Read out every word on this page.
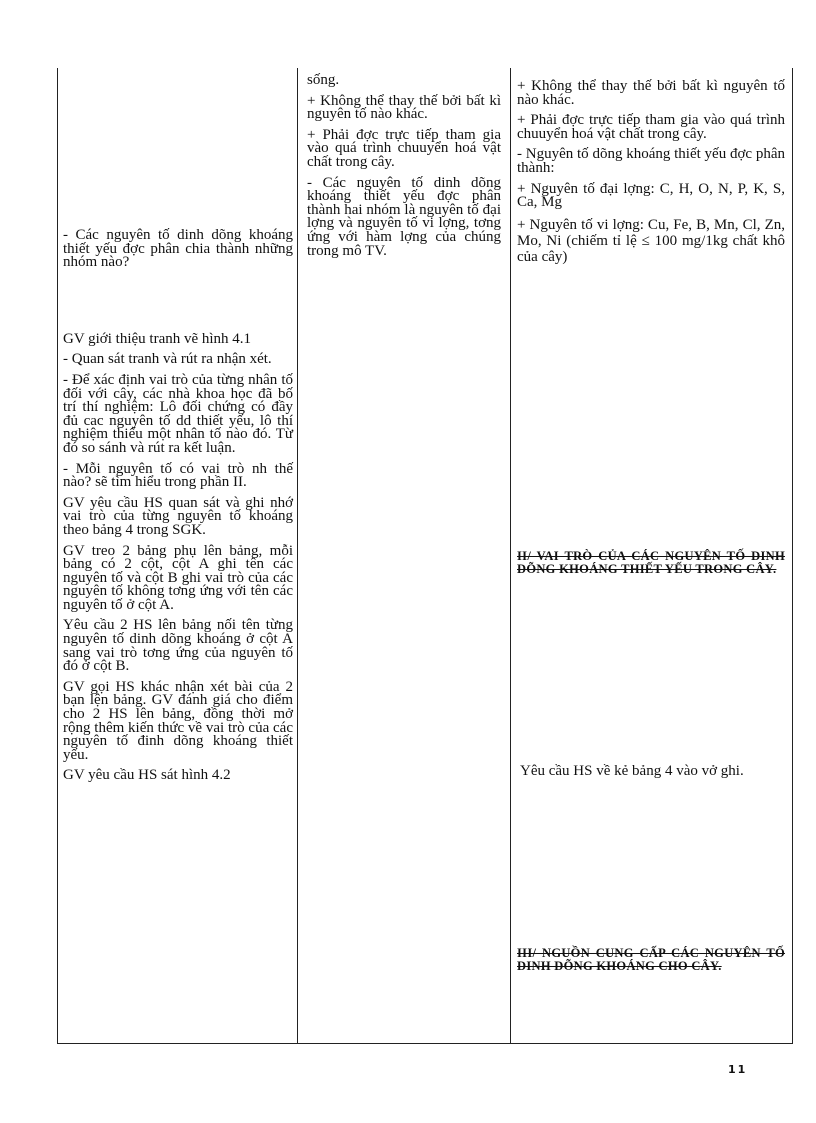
- Các nguyên tố dinh dõng khoáng thiết yếu đợc phân chia thành những nhóm nào?

GV giới thiệu tranh vẽ hình 4.1

- Quan sát tranh và rút ra nhận xét.

- Để xác định vai trò của từng nhân tố đối với cây, các nhà khoa học đã bố trí thí nghiệm: Lô đối chứng có đầy đủ cac nguyên tố dd thiết yếu, lô thí nghiệm thiếu một nhân tố nào đó. Từ đó so sánh và rút ra kết luận.

- Mỗi nguyên tố có vai trò nh thế nào? sẽ tìm hiểu trong phần II.

GV yêu cầu HS quan sát và ghi nhớ vai trò của từng nguyên tố khoáng theo bảng 4 trong SGK.

GV treo 2 bảng phụ lên bảng, mỗi bảng có 2 cột, cột A ghi tên các nguyên tố và cột B ghi vai trò của các nguyên tố không tơng ứng với tên các nguyên tố ở cột A.

Yêu cầu 2 HS lên bảng nối tên từng nguyên tố dinh dõng khoáng ở cột A sang vai trò tơng ứng của nguyên tố đó ở cột B.

GV gọi HS khác nhận xét bài của 2 bạn lện bảng. GV đánh giá cho điểm cho 2 HS lên bảng, đồng thời mở rộng thêm kiến thức về vai trò của các nguyên tố đinh dõng khoáng thiết yếu.

GV yêu cầu HS sát hình 4.2

sống.

+ Không thể thay thế bởi bất kì nguyên tố nào khác.

+ Phải đợc trực tiếp tham gia vào quá trình chuuyển hoá vật chất trong cây.

- Các nguyên tố dinh dõng khoáng thiết yếu đợc phân thành hai nhóm là nguyên tố đại lợng và nguyên tố vi lợng, tơng ứng với hàm lợng của chúng trong mô TV.

+ Không thể thay thế bởi bất kì nguyên tố nào khác.

+ Phải đợc trực tiếp tham gia vào quá trình chuuyển hoá vật chất trong cây.

- Nguyên tố dõng khoáng thiết yếu đợc phân thành:

+ Nguyên tố đại lợng: C, H, O, N, P, K, S, Ca, Mg

+ Nguyên tố vi lợng: Cu, Fe, B, Mn, Cl, Zn, Mo, Ni (chiếm tỉ lệ ≤ 100 mg/1kg chất khô của cây)

II/ VAI TRÒ CỦA CÁC NGUYÊN TỐ DINH DÕNG KHOÁNG THIẾT YẾU TRONG CÂY.
Yêu cầu HS về kẻ bảng 4 vào vở ghi.
III/ NGUỒN CUNG CẤP CÁC NGUYÊN TỐ DINH DÕNG KHOÁNG CHO CÂY.
11
